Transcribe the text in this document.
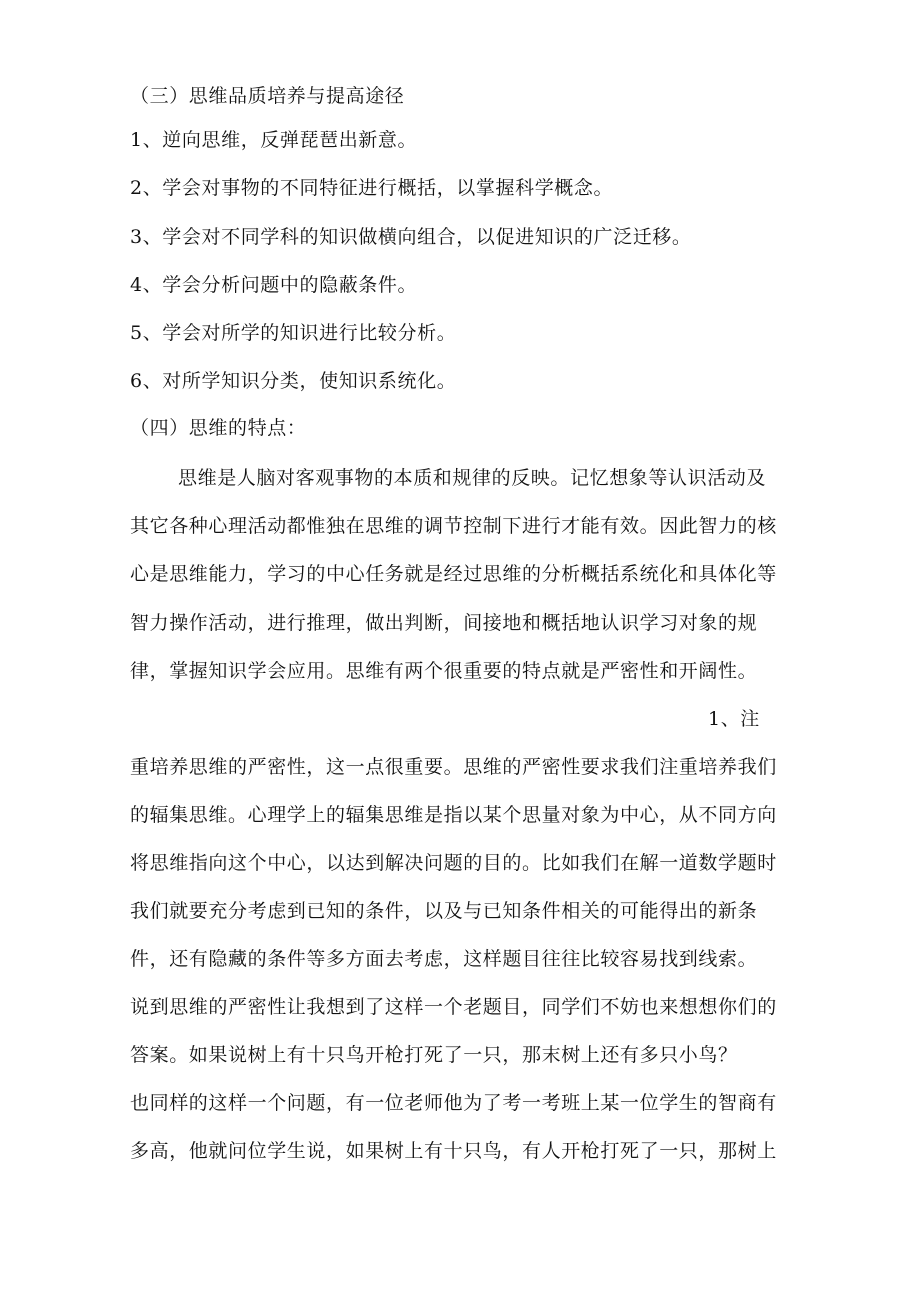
（三）思维品质培养与提高途径
1、逆向思维，反弹琵琶出新意。
2、学会对事物的不同特征进行概括，以掌握科学概念。
3、学会对不同学科的知识做横向组合，以促进知识的广泛迁移。
4、学会分析问题中的隐蔽条件。
5、学会对所学的知识进行比较分析。
6、对所学知识分类，使知识系统化。
（四）思维的特点：
思维是人脑对客观事物的本质和规律的反映。记忆想象等认识活动及
其它各种心理活动都惟独在思维的调节控制下进行才能有效。因此智力的核
心是思维能力，学习的中心任务就是经过思维的分析概括系统化和具体化等
智力操作活动，进行推理，做出判断，间接地和概括地认识学习对象的规
律，掌握知识学会应用。思维有两个很重要的特点就是严密性和开阔性。
1、注
重培养思维的严密性，这一点很重要。思维的严密性要求我们注重培养我们
的辐集思维。心理学上的辐集思维是指以某个思量对象为中心，从不同方向
将思维指向这个中心，以达到解决问题的目的。比如我们在解一道数学题时
我们就要充分考虑到已知的条件，以及与已知条件相关的可能得出的新条
件，还有隐藏的条件等多方面去考虑，这样题目往往比较容易找到线索。
说到思维的严密性让我想到了这样一个老题目，同学们不妨也来想想你们的
答案。如果说树上有十只鸟开枪打死了一只，那末树上还有多只小鸟？
也同样的这样一个问题，有一位老师他为了考一考班上某一位学生的智商有
多高，他就问位学生说，如果树上有十只鸟，有人开枪打死了一只，那树上
